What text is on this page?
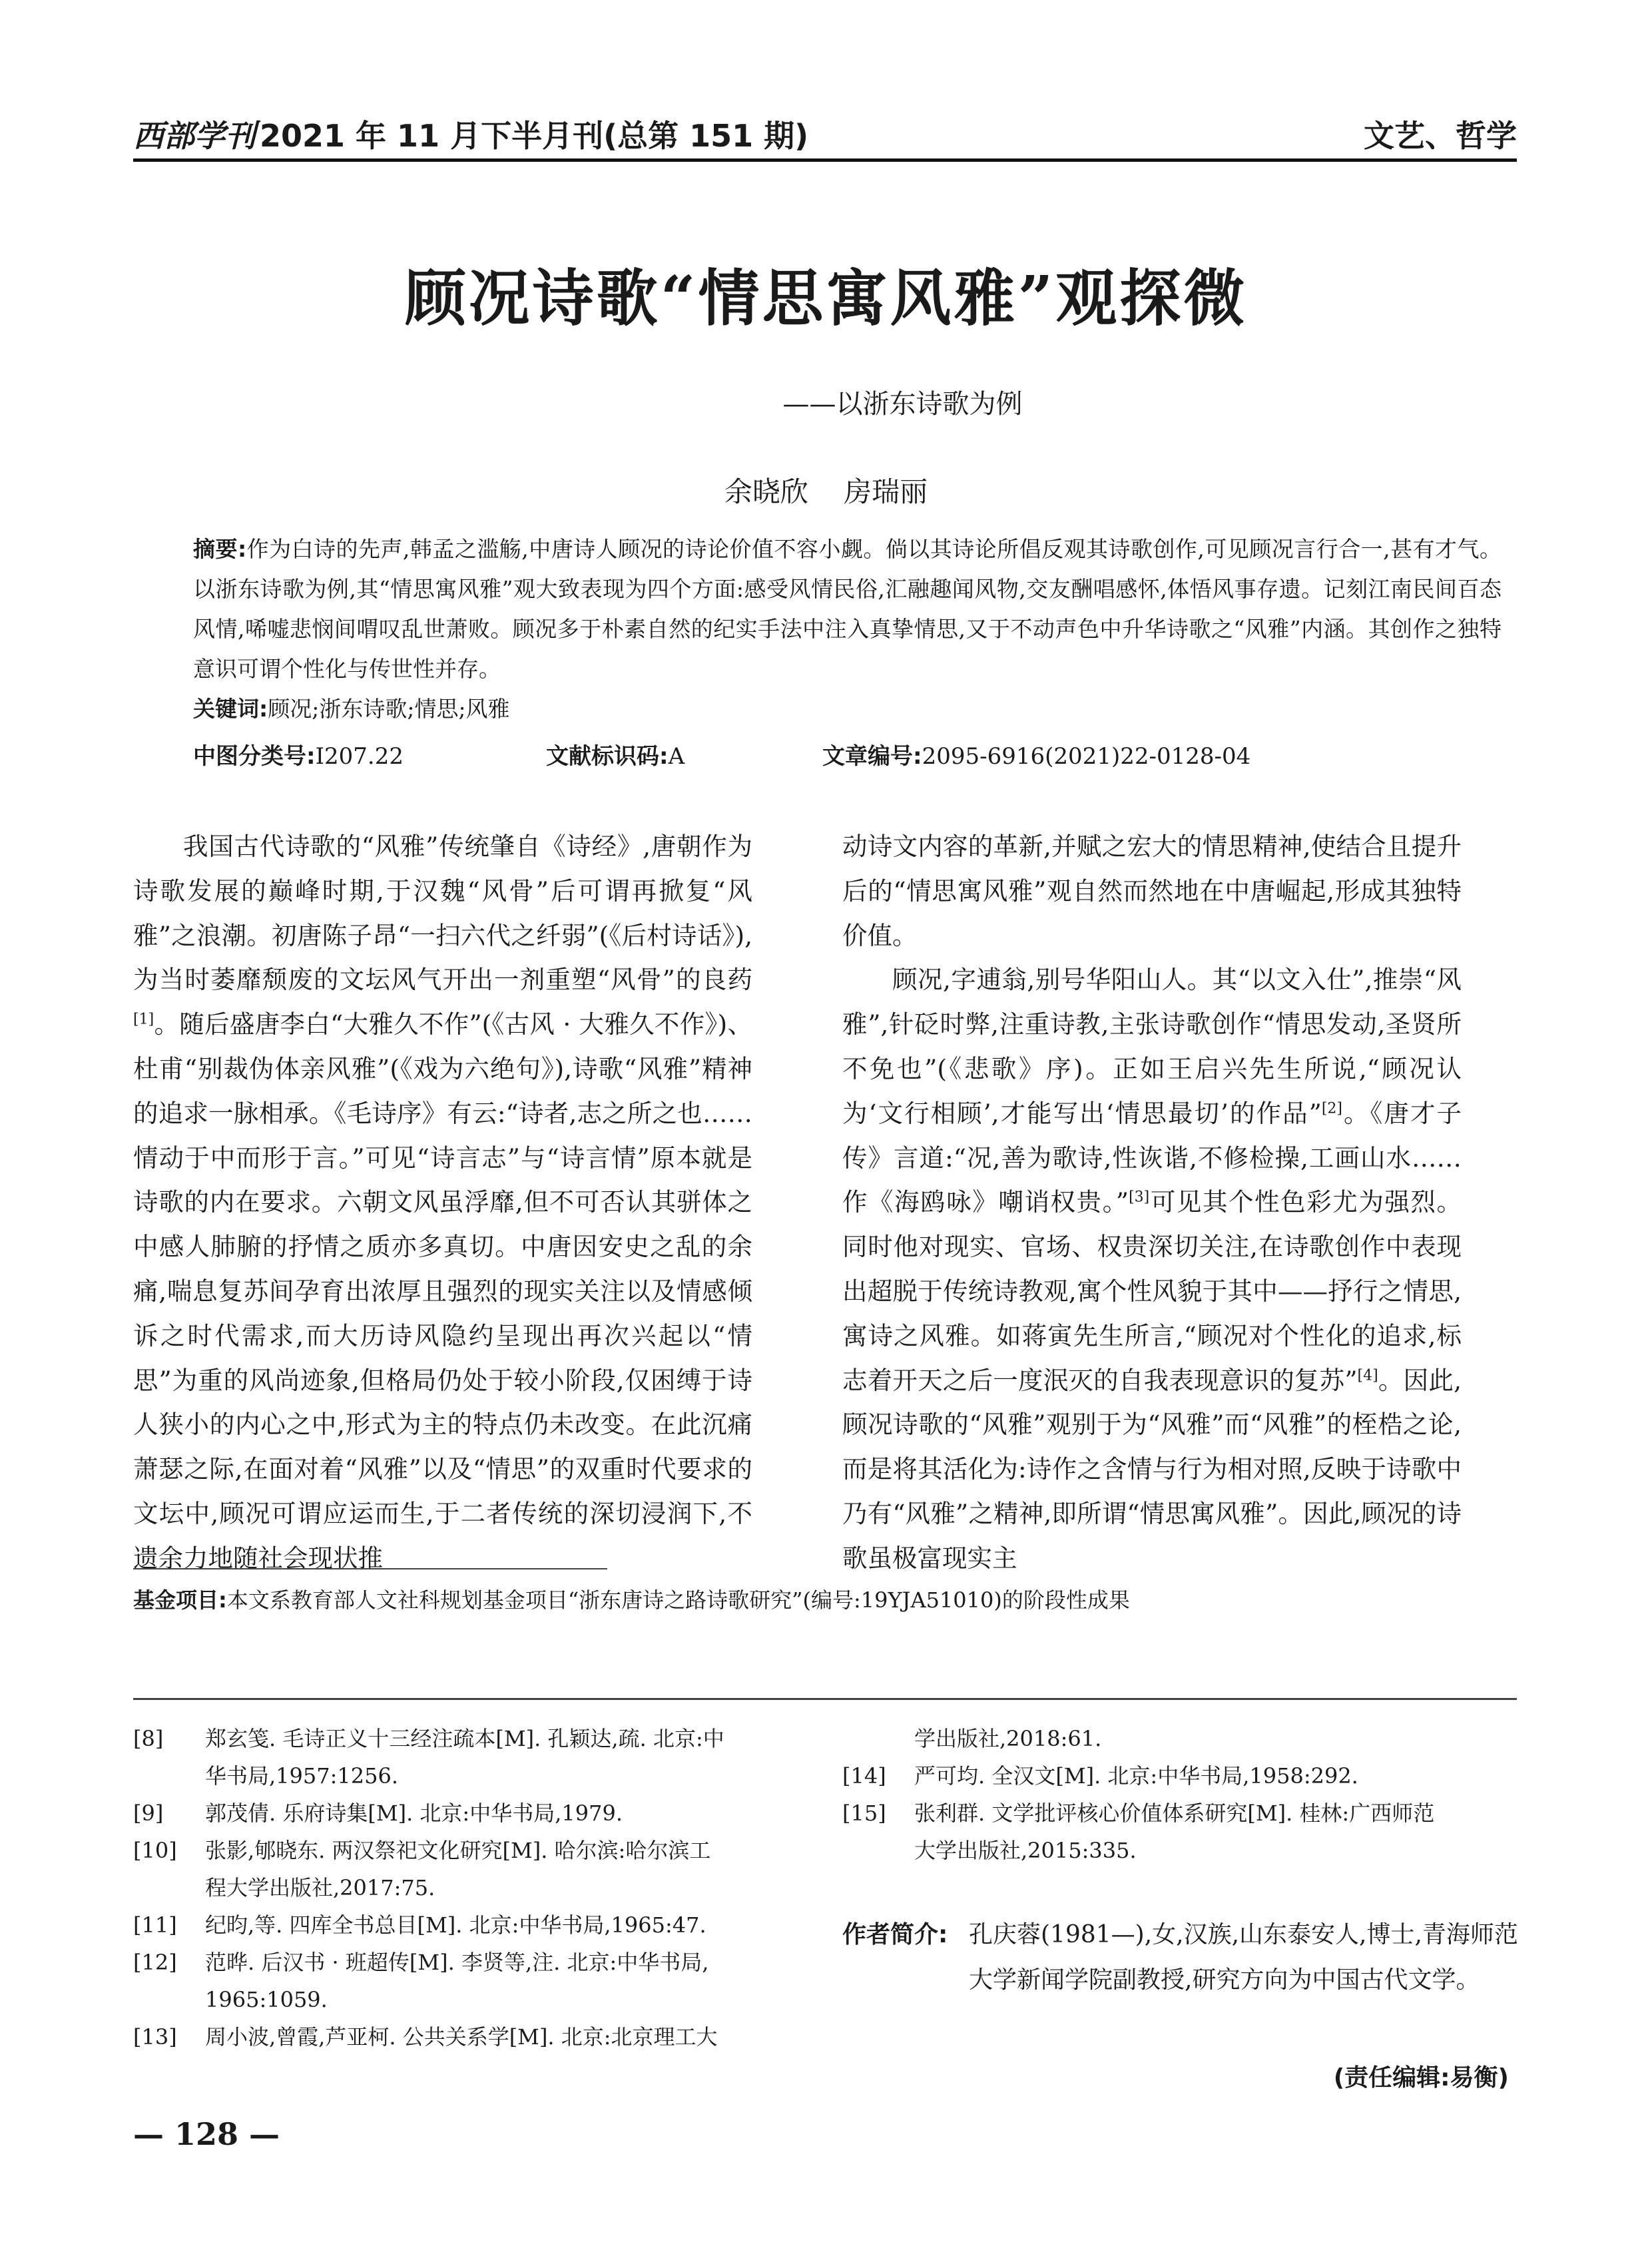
西部学刊 2021 年 11 月下半月刊(总第 151 期)	文艺、哲学
顾况诗歌“情思寓风雅”观探微
——以浙东诗歌为例
余晓欣 房瑞丽
摘要:作为白诗的先声,韩孟之滥觞,中唐诗人顾况的诗论价值不容小觑。倘以其诗论所倡反观其诗歌创作,可见顾况言行合一,甚有才气。以浙东诗歌为例,其“情思寓风雅”观大致表现为四个方面:感受风情民俗,汇融趣闻风物,交友酬唱感怀,体悟风事存遗。记刻江南民间百态风情,唏嘘悲悯间喟叹乱世萧败。顾况多于朴素自然的纪实手法中注入真挚情思,又于不动声色中升华诗歌之“风雅”内涵。其创作之独特意识可谓个性化与传世性并存。
关键词:顾况;浙东诗歌;情思;风雅
中图分类号:I207.22	文献标识码:A	文章编号:2095-6916(2021)22-0128-04

我国古代诗歌的“风雅”传统肇自《诗经》,唐朝作为诗歌发展的巅峰时期,于汉魏“风骨”后可谓再掀复“风雅”之浪潮。初唐陈子昂“一扫六代之纤弱”(《后村诗话》),为当时萎靡颓废的文坛风气开出一剂重塑“风骨”的良药[1]。随后盛唐李白“大雅久不作”(《古风 · 大雅久不作》)、杜甫“别裁伪体亲风雅”(《戏为六绝句》),诗歌“风雅”精神的追求一脉相承。《毛诗序》有云:“诗者,志之所之也……情动于中而形于言。”可见“诗言志”与“诗言情”原本就是诗歌的内在要求。六朝文风虽浮靡,但不可否认其骈体之中感人肺腑的抒情之质亦多真切。中唐因安史之乱的余痛,喘息复苏间孕育出浓厚且强烈的现实关注以及情感倾诉之时代需求,而大历诗风隐约呈现出再次兴起以“情思”为重的风尚迹象,但格局仍处于较小阶段,仅困缚于诗人狭小的内心之中,形式为主的特点仍未改变。在此沉痛萧瑟之际,在面对着“风雅”以及“情思”的双重时代要求的文坛中,顾况可谓应运而生,于二者传统的深切浸润下,不遗余力地随社会现状推

动诗文内容的革新,并赋之宏大的情思精神,使结合且提升后的“情思寓风雅”观自然而然地在中唐崛起,形成其独特价值。

顾况,字逋翁,别号华阳山人。其“以文入仕”,推崇“风雅”,针砭时弊,注重诗教,主张诗歌创作“情思发动,圣贤所不免也”(《悲歌》序)。正如王启兴先生所说,“顾况认为‘文行相顾’,才能写出‘情思最切’的作品”[2]。《唐才子传》言道:“况,善为歌诗,性诙谐,不修检操,工画山水……作《海鸥咏》嘲诮权贵。”[3]可见其个性色彩尤为强烈。同时他对现实、官场、权贵深切关注,在诗歌创作中表现出超脱于传统诗教观,寓个性风貌于其中——抒行之情思,寓诗之风雅。如蒋寅先生所言,“顾况对个性化的追求,标志着开天之后一度泯灭的自我表现意识的复苏”[4]。因此,顾况诗歌的“风雅”观别于为“风雅”而“风雅”的桎梏之论,而是将其活化为:诗作之含情与行为相对照,反映于诗歌中乃有“风雅”之精神,即所谓“情思寓风雅”。因此,顾况的诗歌虽极富现实主

基金项目:本文系教育部人文社科规划基金项目“浙东唐诗之路诗歌研究”(编号:19YJA51010)的阶段性成果
[8] 郑玄笺. 毛诗正义十三经注疏本[M]. 孔颖达,疏. 北京:中
华书局,1957:1256.
[9] 郭茂倩. 乐府诗集[M]. 北京:中华书局,1979.
[10] 张影,郇晓东. 两汉祭祀文化研究[M]. 哈尔滨:哈尔滨工
程大学出版社,2017:75.
[11] 纪昀,等. 四库全书总目[M]. 北京:中华书局,1965:47.
[12] 范晔. 后汉书 · 班超传[M]. 李贤等,注. 北京:中华书局,
1965:1059.
[13] 周小波,曾霞,芦亚柯. 公共关系学[M]. 北京:北京理工大
学出版社,2018:61.
[14] 严可均. 全汉文[M]. 北京:中华书局,1958:292.
[15] 张利群. 文学批评核心价值体系研究[M]. 桂林:广西师范
大学出版社,2015:335.
作者简介: 孔庆蓉(1981—),女,汉族,山东泰安人,博士,青海师范大学新闻学院副教授,研究方向为中国古代文学。
(责任编辑:易衡)
— 128 —
